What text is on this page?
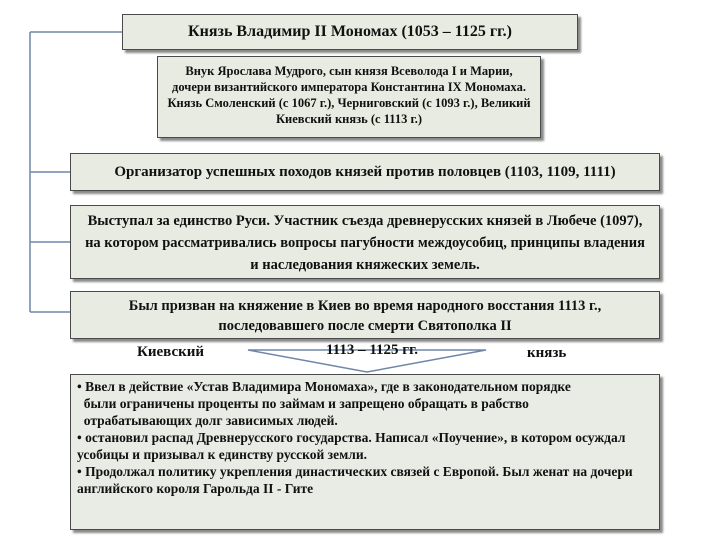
Князь Владимир II Мономах (1053 – 1125 гг.)
Внук Ярослава Мудрого, сын князя Всеволода I и Марии, дочери византийского императора Константина IX Мономаха. Князь Смоленский (с 1067 г.), Черниговский (с 1093 г.), Великий Киевский князь (с 1113 г.)
Организатор успешных походов князей против половцев (1103, 1109, 1111)
Выступал за единство Руси. Участник съезда древнерусских князей в Любече (1097), на котором рассматривались вопросы пагубности междоусобиц, принципы владения и наследования княжеских земель.
Был призван на княжение в Киев во время народного восстания 1113 г., последовавшего после смерти Святополка II
Киевский	1113 – 1125 гг.	князь

• Ввел в действие «Устав Владимира Мономаха», где в законодательном порядке

были ограничены проценты по займам и запрещено обращать в рабство

отрабатывающих долг зависимых людей.

• остановил распад Древнерусского государства. Написал «Поучение», в котором осуждал усобицы и призывал к единству русской земли.

• Продолжал политику укрепления династических связей с Европой. Был женат на дочери английского короля Гарольда II - Гите
